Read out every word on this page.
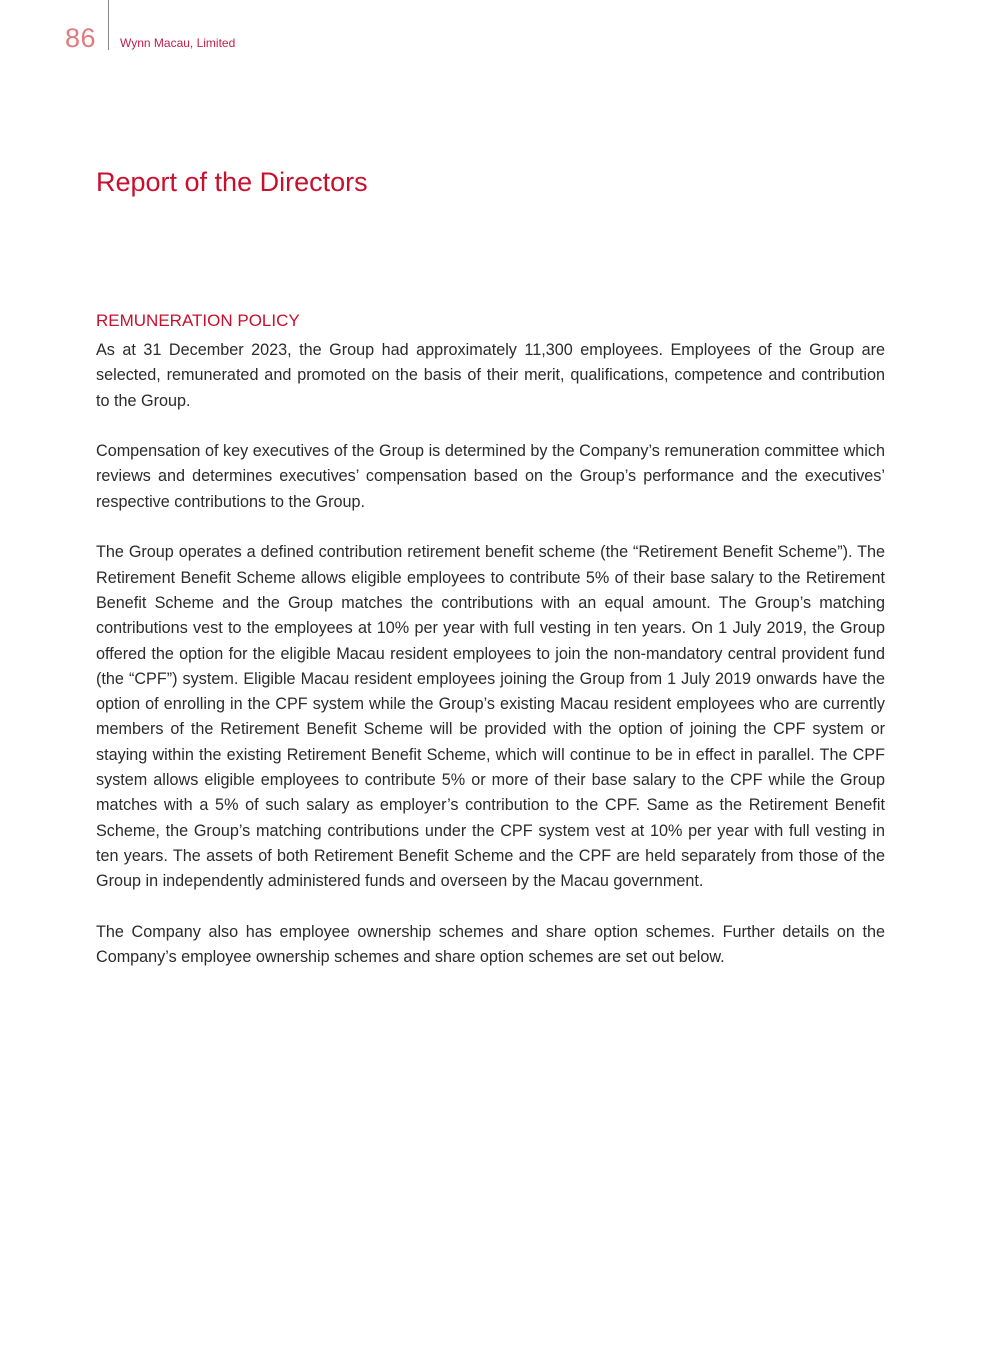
86 Wynn Macau, Limited
Report of the Directors
REMUNERATION POLICY

As at 31 December 2023, the Group had approximately 11,300 employees. Employees of the Group are selected, remunerated and promoted on the basis of their merit, qualifications, competence and contribution to the Group.

Compensation of key executives of the Group is determined by the Company’s remuneration committee which reviews and determines executives’ compensation based on the Group’s performance and the executives’ respective contributions to the Group.

The Group operates a defined contribution retirement benefit scheme (the “Retirement Benefit Scheme”). The Retirement Benefit Scheme allows eligible employees to contribute 5% of their base salary to the Retirement Benefit Scheme and the Group matches the contributions with an equal amount. The Group’s matching contributions vest to the employees at 10% per year with full vesting in ten years. On 1 July 2019, the Group offered the option for the eligible Macau resident employees to join the non-mandatory central provident fund (the “CPF”) system. Eligible Macau resident employees joining the Group from 1 July 2019 onwards have the option of enrolling in the CPF system while the Group’s existing Macau resident employees who are currently members of the Retirement Benefit Scheme will be provided with the option of joining the CPF system or staying within the existing Retirement Benefit Scheme, which will continue to be in effect in parallel. The CPF system allows eligible employees to contribute 5% or more of their base salary to the CPF while the Group matches with a 5% of such salary as employer’s contribution to the CPF. Same as the Retirement Benefit Scheme, the Group’s matching contributions under the CPF system vest at 10% per year with full vesting in ten years. The assets of both Retirement Benefit Scheme and the CPF are held separately from those of the Group in independently administered funds and overseen by the Macau government.

The Company also has employee ownership schemes and share option schemes. Further details on the Company’s employee ownership schemes and share option schemes are set out below.
